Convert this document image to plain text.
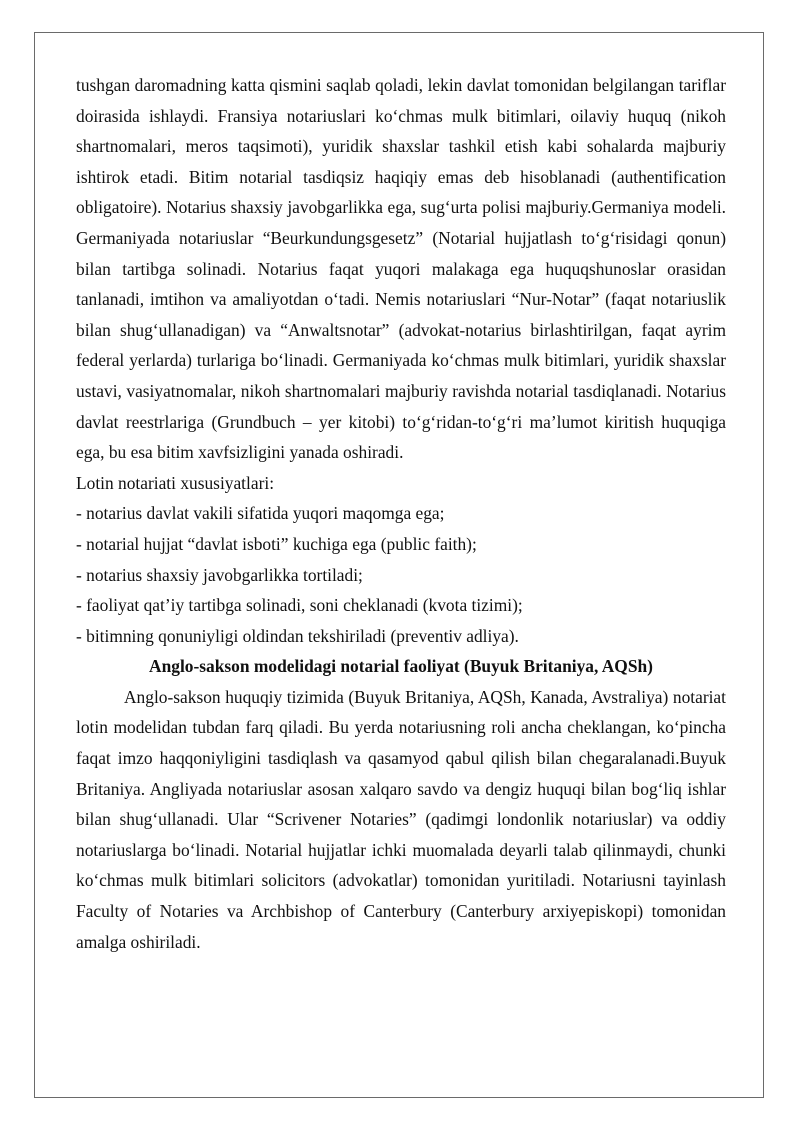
tushgan daromadning katta qismini saqlab qoladi, lekin davlat tomonidan belgilangan tariflar doirasida ishlaydi. Fransiya notariuslari ko‘chmas mulk bitimlari, oilaviy huquq (nikoh shartnomalari, meros taqsimoti), yuridik shaxslar tashkil etish kabi sohalarda majburiy ishtirok etadi. Bitim notarial tasdiqsiz haqiqiy emas deb hisoblanadi (authentification obligatoire). Notarius shaxsiy javobgarlikka ega, sug‘urta polisi majburiy.Germaniya modeli. Germaniyada notariuslar “Beurkundungsgesetz” (Notarial hujjatlash to‘g‘risidagi qonun) bilan tartibga solinadi. Notarius faqat yuqori malakaga ega huquqshunoslar orasidan tanlanadi, imtihon va amaliyotdan o‘tadi. Nemis notariuslari “Nur-Notar” (faqat notariuslik bilan shug‘ullanadigan) va “Anwaltsnotar” (advokat-notarius birlashtirilgan, faqat ayrim federal yerlarda) turlariga bo‘linadi. Germaniyada ko‘chmas mulk bitimlari, yuridik shaxslar ustavi, vasiyatnomalar, nikoh shartnomalari majburiy ravishda notarial tasdiqlanadi. Notarius davlat reestrlariga (Grundbuch – yer kitobi) to‘g‘ridan-to‘g‘ri ma’lumot kiritish huquqiga ega, bu esa bitim xavfsizligini yanada oshiradi.

Lotin notariati xususiyatlari:

- notarius davlat vakili sifatida yuqori maqomga ega;

- notarial hujjat “davlat isboti” kuchiga ega (public faith);

- notarius shaxsiy javobgarlikka tortiladi;

- faoliyat qat’iy tartibga solinadi, soni cheklanadi (kvota tizimi);

- bitimning qonuniyligi oldindan tekshiriladi (preventiv adliya).

Anglo-sakson modelidagi notarial faoliyat (Buyuk Britaniya, AQSh)

Anglo-sakson huquqiy tizimida (Buyuk Britaniya, AQSh, Kanada, Avstraliya) notariat lotin modelidan tubdan farq qiladi. Bu yerda notariusning roli ancha cheklangan, ko‘pincha faqat imzo haqqoniyligini tasdiqlash va qasamyod qabul qilish bilan chegaralanadi.Buyuk Britaniya. Angliyada notariuslar asosan xalqaro savdo va dengiz huquqi bilan bog‘liq ishlar bilan shug‘ullanadi. Ular “Scrivener Notaries” (qadimgi londonlik notariuslar) va oddiy notariuslarga bo‘linadi. Notarial hujjatlar ichki muomalada deyarli talab qilinmaydi, chunki ko‘chmas mulk bitimlari solicitors (advokatlar) tomonidan yuritiladi. Notariusni tayinlash Faculty of Notaries va Archbishop of Canterbury (Canterbury arxiyepiskopi) tomonidan amalga oshiriladi.
